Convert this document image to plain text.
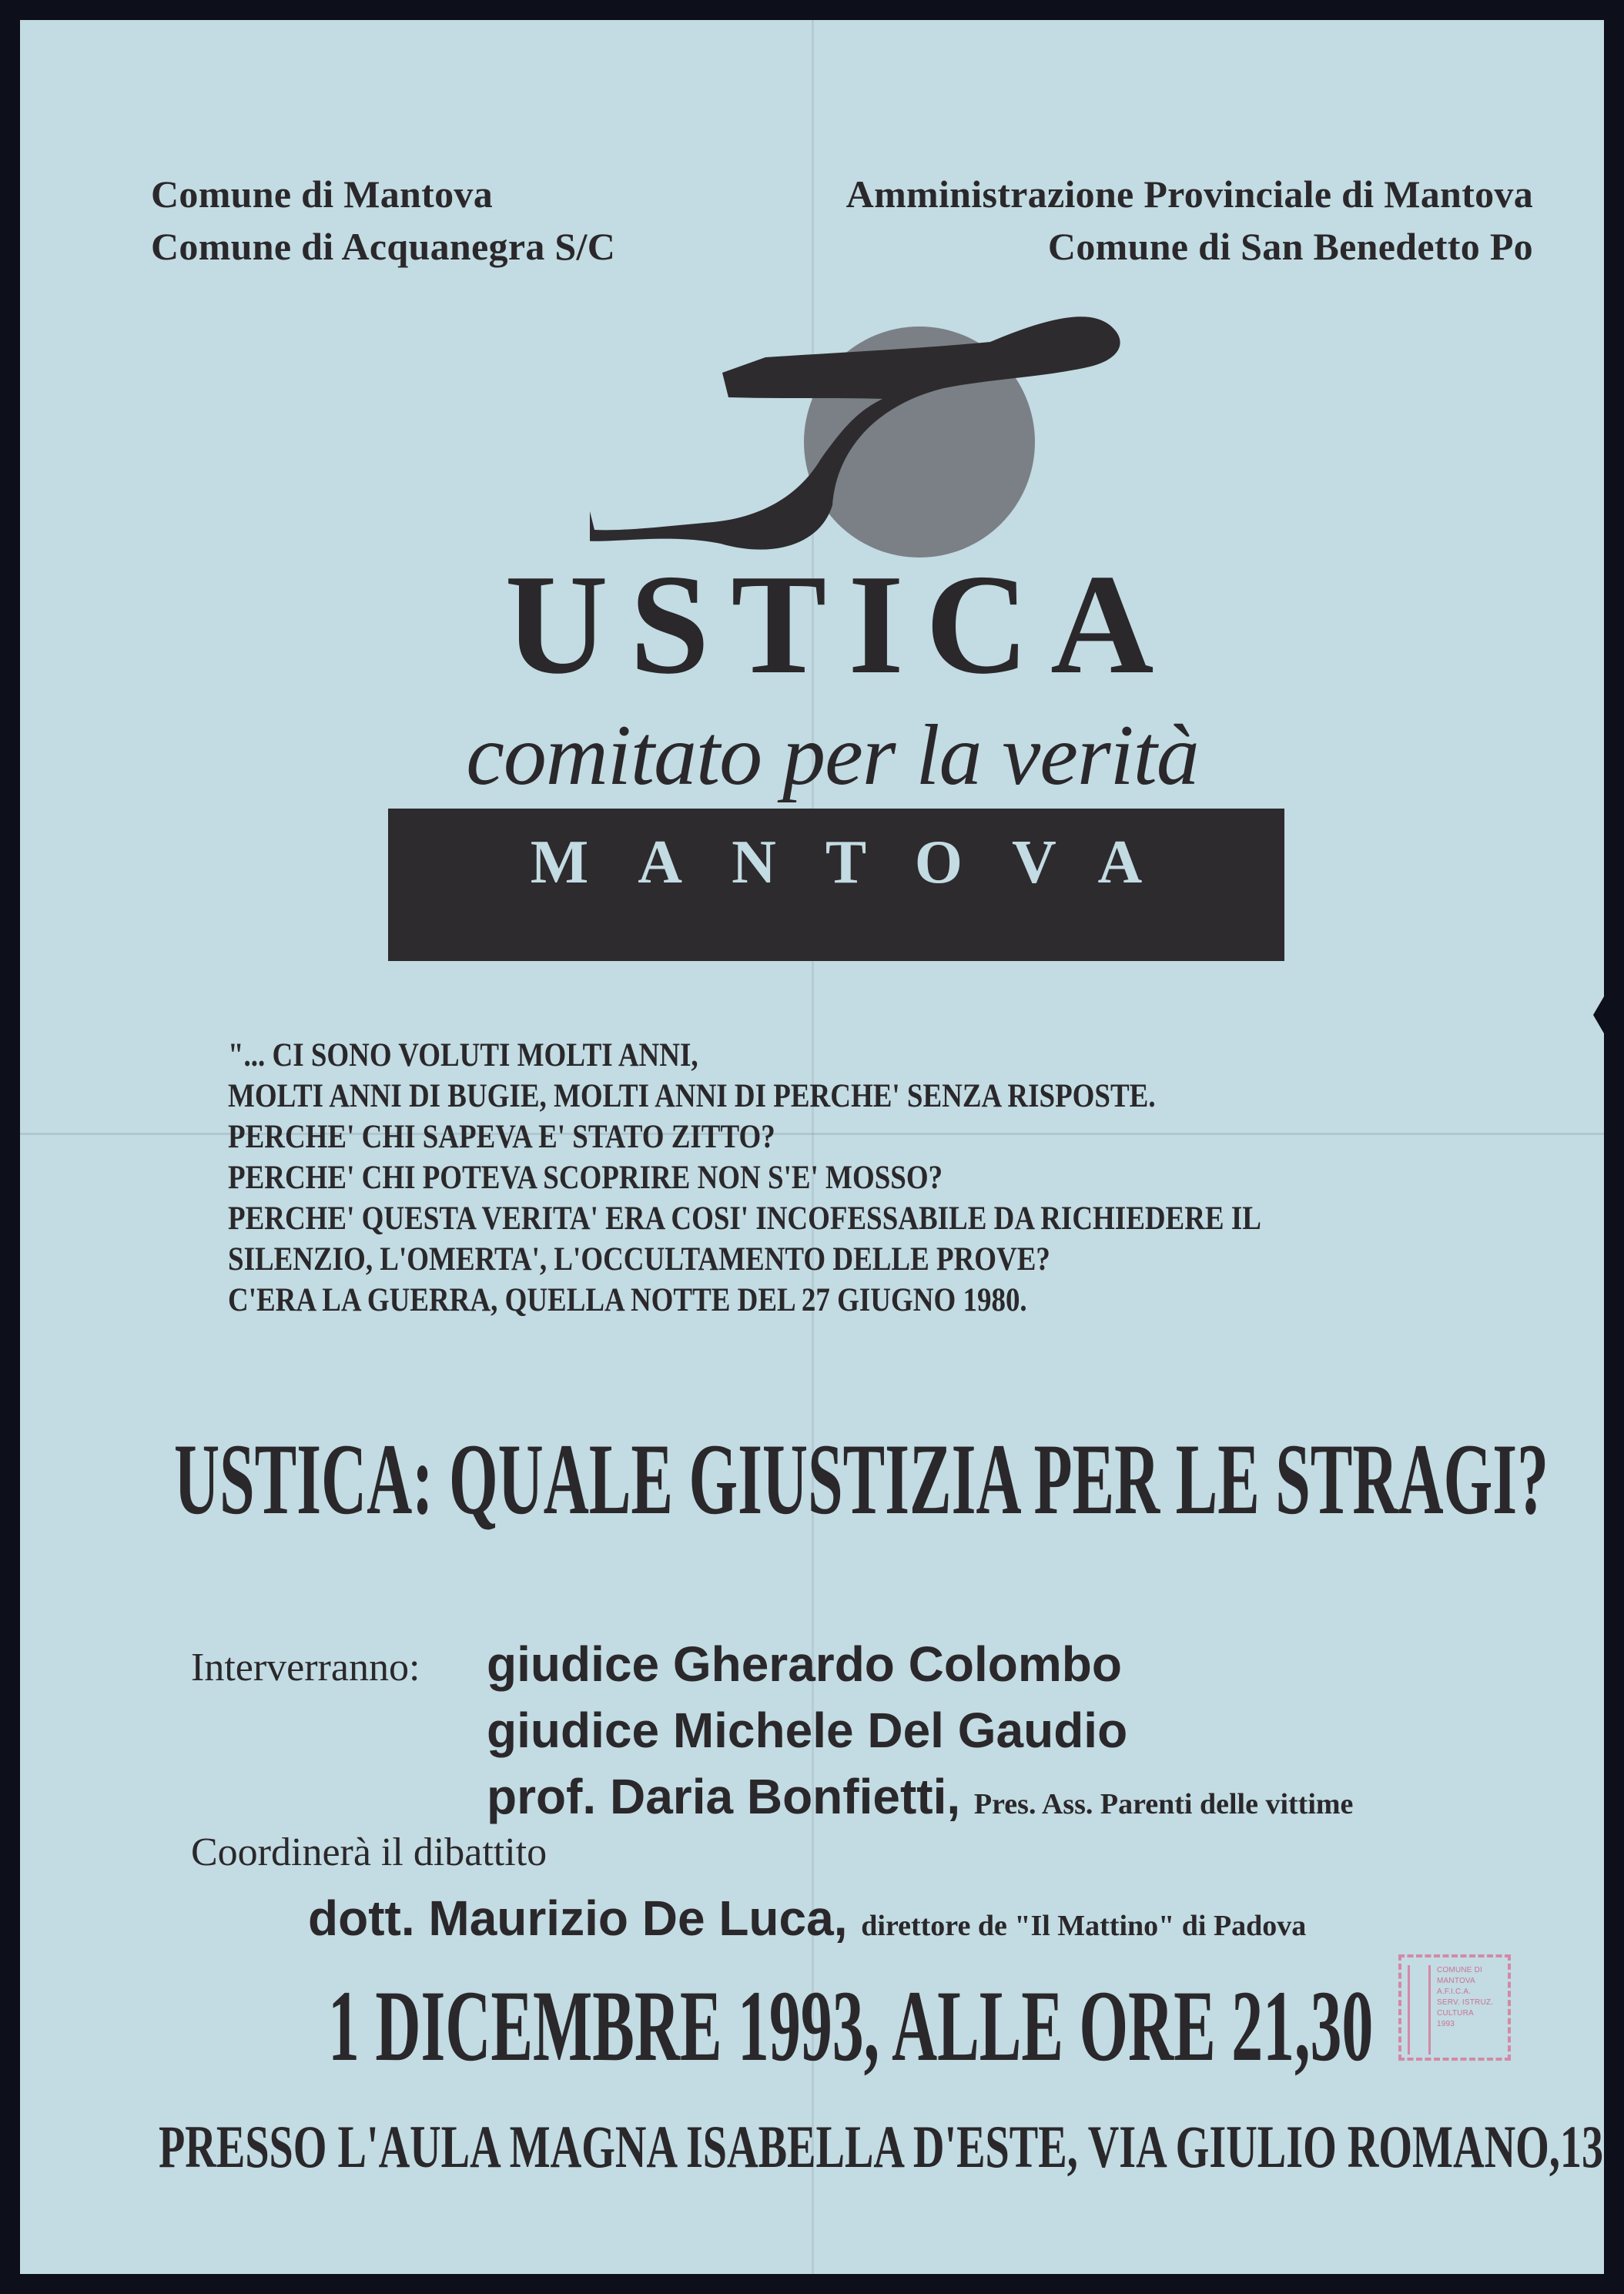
Comune di Mantova
Comune di Acquanegra S/C
Amministrazione Provinciale di Mantova
Comune di San Benedetto Po
USTICA
comitato per la verità
MANTOVA
"... CI SONO VOLUTI MOLTI ANNI,
MOLTI ANNI DI BUGIE, MOLTI ANNI DI PERCHE' SENZA RISPOSTE.
PERCHE' CHI SAPEVA E' STATO ZITTO?
PERCHE' CHI POTEVA SCOPRIRE NON S'E' MOSSO?
PERCHE' QUESTA VERITA' ERA COSI' INCOFESSABILE DA RICHIEDERE IL
SILENZIO, L'OMERTA', L'OCCULTAMENTO DELLE PROVE?
C'ERA LA GUERRA, QUELLA NOTTE DEL 27 GIUGNO 1980.
USTICA: QUALE GIUSTIZIA PER LE STRAGI?
Interverranno: giudice Gherardo Colombo
giudice Michele Del Gaudio
prof. Daria Bonfietti, Pres. Ass. Parenti delle vittime
Coordinerà il dibattito
dott. Maurizio De Luca, direttore de "Il Mattino" di Padova
1 DICEMBRE 1993, ALLE ORE 21,30	COMUNE DI
MANTOVA
A.F.I.C.A.
SERV. ISTRUZ.
CULTURA
1993
PRESSO L'AULA MAGNA ISABELLA D'ESTE, VIA GIULIO ROMANO,13
